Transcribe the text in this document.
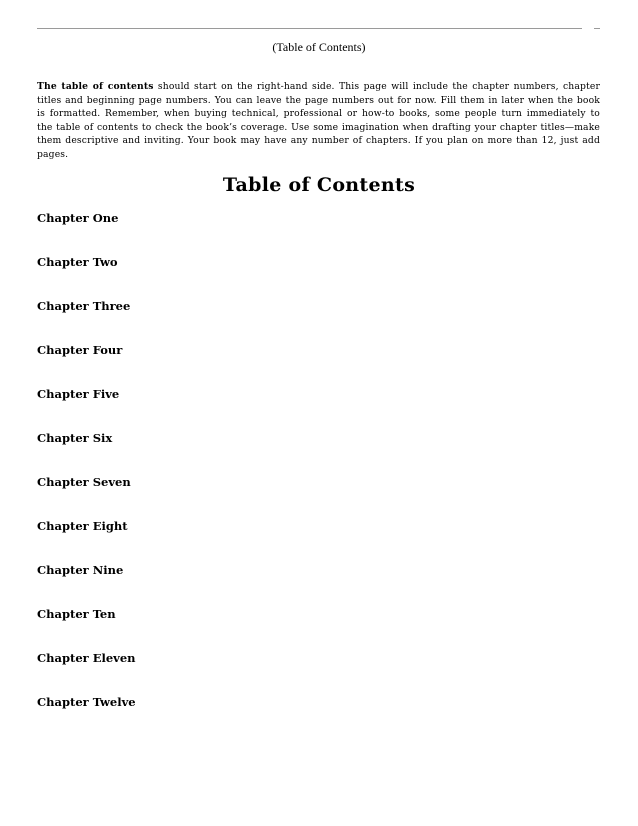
(Table of Contents)

The table of contents should start on the right-hand side. This page will include the chapter numbers, chapter titles and beginning page numbers. You can leave the page numbers out for now. Fill them in later when the book is formatted. Remember, when buying technical, professional or how-to books, some people turn immediately to the table of contents to check the book’s coverage. Use some imagination when drafting your chapter titles—make them descriptive and inviting. Your book may have any number of chapters. If you plan on more than 12, just add pages.

Table of Contents
Chapter One
Chapter Two
Chapter Three
Chapter Four
Chapter Five
Chapter Six
Chapter Seven
Chapter Eight
Chapter Nine
Chapter Ten
Chapter Eleven
Chapter Twelve
